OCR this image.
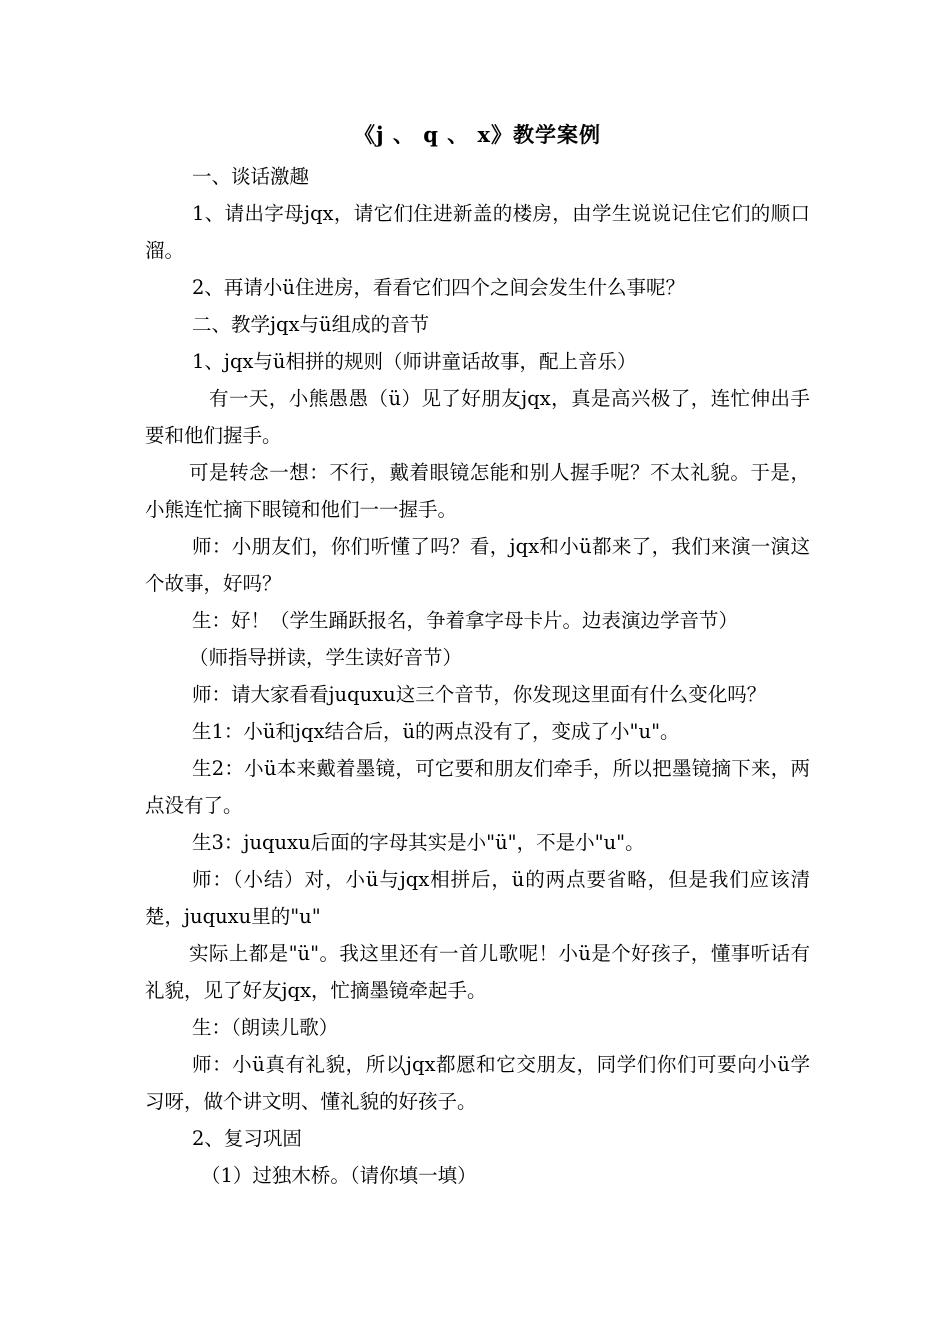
《j 、 q 、 x》教学案例

一、谈话激趣

1、请出字母jqx，请它们住进新盖的楼房，由学生说说记住它们的顺口溜。

2、再请小ü住进房，看看它们四个之间会发生什么事呢？

二、教学jqx与ü组成的音节

1、jqx与ü相拼的规则（师讲童话故事，配上音乐）

有一天，小熊愚愚（ü）见了好朋友jqx，真是高兴极了，连忙伸出手要和他们握手。

可是转念一想：不行，戴着眼镜怎能和别人握手呢？不太礼貌。于是，小熊连忙摘下眼镜和他们一一握手。

师：小朋友们，你们听懂了吗？看，jqx和小ü都来了，我们来演一演这个故事，好吗？

生：好！（学生踊跃报名，争着拿字母卡片。边表演边学音节）

（师指导拼读，学生读好音节）

师：请大家看看juquxu这三个音节，你发现这里面有什么变化吗？

生1：小ü和jqx结合后，ü的两点没有了，变成了小"u"。

生2：小ü本来戴着墨镜，可它要和朋友们牵手，所以把墨镜摘下来，两点没有了。

生3：juquxu后面的字母其实是小"ü"，不是小"u"。

师：（小结）对，小ü与jqx相拼后，ü的两点要省略，但是我们应该清楚，juquxu里的"u"

实际上都是"ü"。我这里还有一首儿歌呢！小ü是个好孩子，懂事听话有礼貌，见了好友jqx，忙摘墨镜牵起手。

生：（朗读儿歌）

师：小ü真有礼貌，所以jqx都愿和它交朋友，同学们你们可要向小ü学习呀，做个讲文明、懂礼貌的好孩子。

2、复习巩固

（1）过独木桥。（请你填一填）
